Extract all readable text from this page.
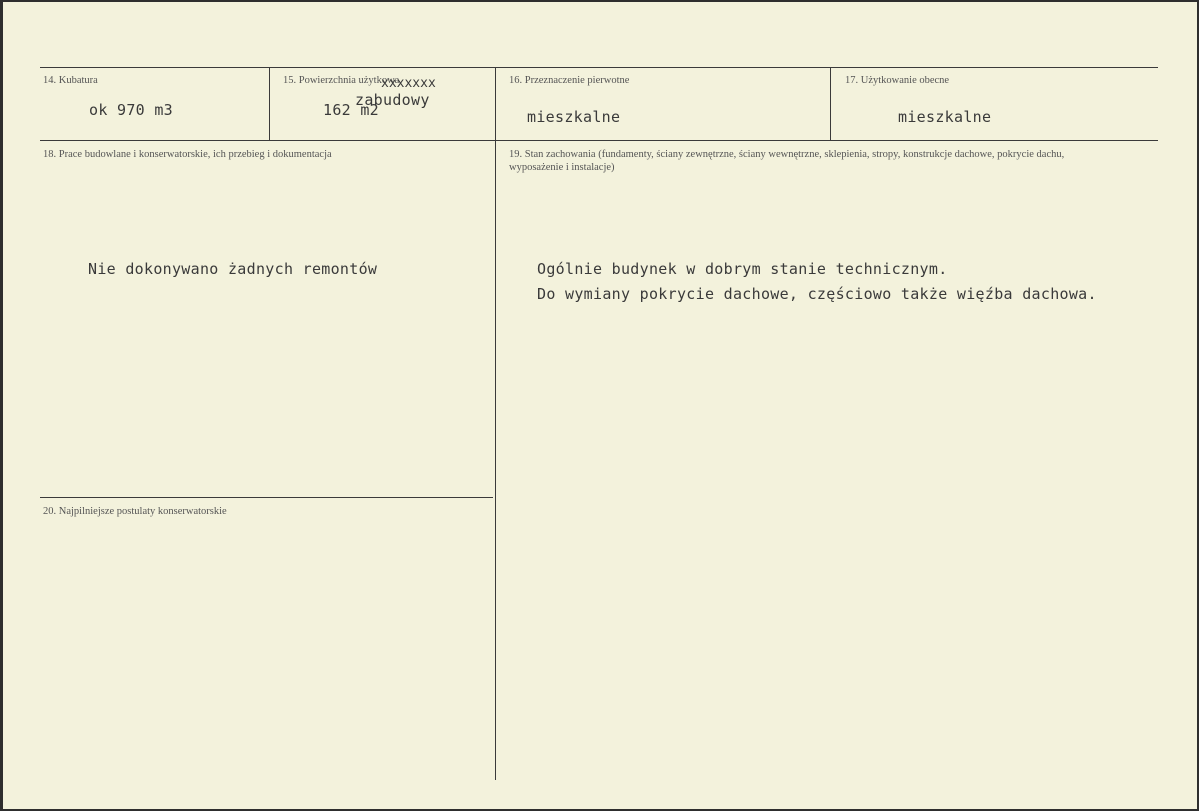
14. Kubatura
ok 970 m3
15. Powierzchnia użytkowa
xxxxxxx
zabudowy
162 m2
16. Przeznaczenie pierwotne
mieszkalne
17. Użytkowanie obecne
mieszkalne
18. Prace budowlane i konserwatorskie, ich przebieg i dokumentacja
Nie dokonywano żadnych remontów
19. Stan zachowania (fundamenty, ściany zewnętrzne, ściany wewnętrzne, sklepienia, stropy, konstrukcje dachowe, pokrycie dachu, wyposażenie i instalacje)
Ogólnie budynek w dobrym stanie technicznym.
Do wymiany pokrycie dachowe, częściowo także więźba dachowa.
20. Najpilniejsze postulaty konserwatorskie
